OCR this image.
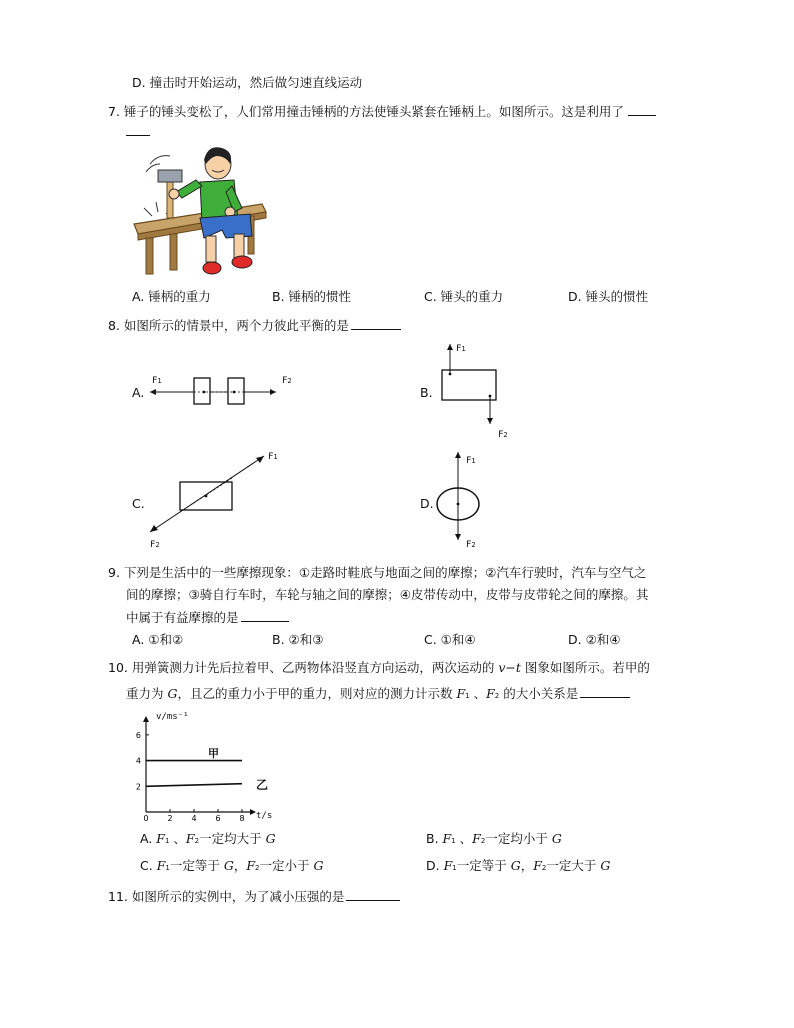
D. 撞击时开始运动，然后做匀速直线运动
7. 锤子的锤头变松了，人们常用撞击锤柄的方法使锤头紧套在锤柄上。如图所示。这是利用了
A. 锤柄的重力	B. 锤柄的惯性	C. 锤头的重力	D. 锤头的惯性
8. 如图所示的情景中，两个力彼此平衡的是
A.
F1	F2
B.
F1
F2
C.
F1
F2
D.
F1
F2
9. 下列是生活中的一些摩擦现象：①走路时鞋底与地面之间的摩擦；②汽车行驶时，汽车与空气之
间的摩擦；③骑自行车时，车轮与轴之间的摩擦；④皮带传动中，皮带与皮带轮之间的摩擦。其
中属于有益摩擦的是
A. ①和②	B. ②和③	C. ①和④	D. ②和④
10. 用弹簧测力计先后拉着甲、乙两物体沿竖直方向运动，两次运动的 v−t 图象如图所示。若甲的
重力为 G，且乙的重力小于甲的重力，则对应的测力计示数 F1 、F2 的大小关系是
0 2 4 6 8
2
4
6
v/ms⁻¹
t/s
甲
乙
A. F1 、F2一定均大于 G	B. F1 、F2一定均小于 G
C. F1一定等于 G，F2一定小于 G	D. F1一定等于 G，F2一定大于 G
11. 如图所示的实例中，为了减小压强的是
